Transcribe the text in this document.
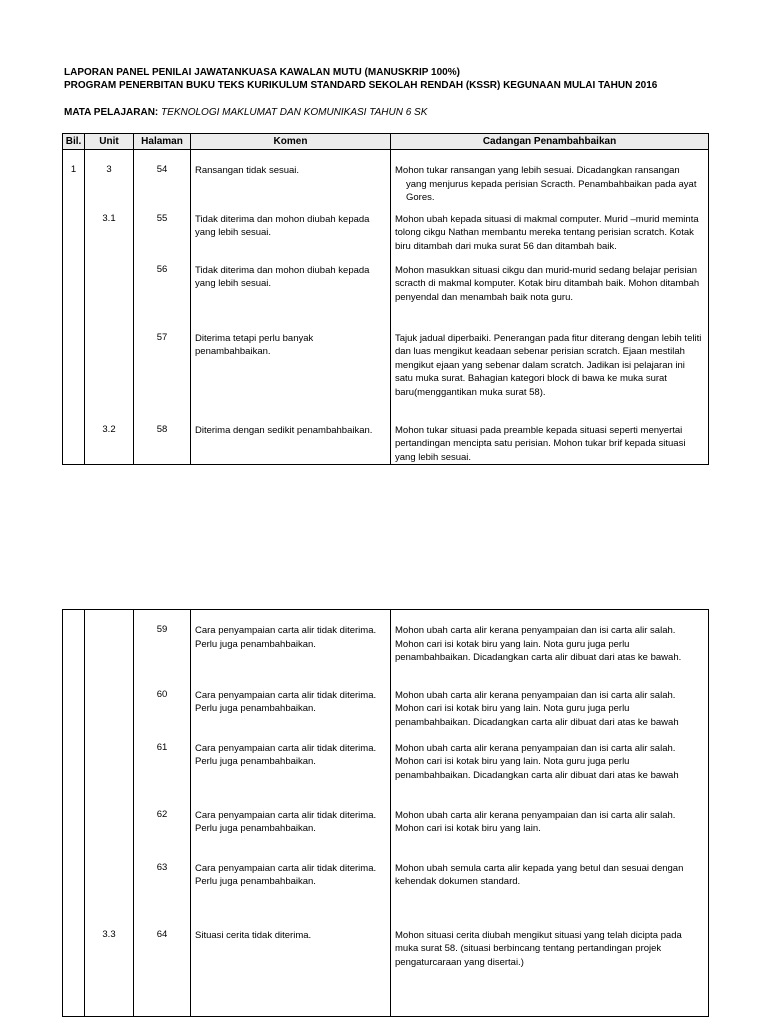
LAPORAN PANEL PENILAI JAWATANKUASA KAWALAN MUTU (MANUSKRIP 100%)
PROGRAM PENERBITAN BUKU TEKS KURIKULUM STANDARD SEKOLAH RENDAH (KSSR) KEGUNAAN MULAI TAHUN 2016
MATA PELAJARAN: TEKNOLOGI MAKLUMAT DAN KOMUNIKASI TAHUN 6 SK
Bil.	Unit	Halaman	Komen	Cadangan Penambahbaikan
1	3	54	Ransangan tidak sesuai.	Mohon tukar ransangan yang lebih sesuai. Dicadangkan ransangan
yang menjurus kepada perisian Scracth. Penambahbaikan pada ayat Gores.

	3.1	55	Tidak diterima dan mohon diubah kepada yang lebih sesuai.	Mohon ubah kepada situasi di makmal computer. Murid –murid meminta tolong cikgu Nathan membantu mereka tentang perisian scratch. Kotak biru ditambah dari muka surat 56 dan ditambah baik.
		56	Tidak diterima dan mohon diubah kepada yang lebih sesuai.	Mohon masukkan situasi cikgu dan murid-murid sedang belajar perisian scracth di makmal komputer. Kotak biru ditambah baik. Mohon ditambah penyendal dan menambah baik nota guru.
		57	Diterima tetapi perlu banyak penambahbaikan.	Tajuk jadual diperbaiki. Penerangan pada fitur diterang dengan lebih teliti dan luas mengikut keadaan sebenar perisian scratch. Ejaan mestilah mengikut ejaan yang sebenar dalam scratch. Jadikan isi pelajaran ini satu muka surat. Bahagian kategori block di bawa ke muka surat baru(menggantikan muka surat 58).
	3.2	58	Diterima dengan sedikit penambahbaikan.	Mohon tukar situasi pada preamble kepada situasi seperti menyertai pertandingan mencipta satu perisian. Mohon tukar brif kepada situasi yang lebih sesuai.
		59	Cara penyampaian carta alir tidak diterima. Perlu juga penambahbaikan.	Mohon ubah carta alir kerana penyampaian dan isi carta alir salah. Mohon cari isi kotak biru yang lain. Nota guru juga perlu penambahbaikan. Dicadangkan carta alir dibuat dari atas ke bawah.
		60	Cara penyampaian carta alir tidak diterima. Perlu juga penambahbaikan.	Mohon ubah carta alir kerana penyampaian dan isi carta alir salah. Mohon cari isi kotak biru yang lain. Nota guru juga perlu penambahbaikan. Dicadangkan carta alir dibuat dari atas ke bawah
		61	Cara penyampaian carta alir tidak diterima. Perlu juga penambahbaikan.	Mohon ubah carta alir kerana penyampaian dan isi carta alir salah. Mohon cari isi kotak biru yang lain. Nota guru juga perlu penambahbaikan. Dicadangkan carta alir dibuat dari atas ke bawah
		62	Cara penyampaian carta alir tidak diterima. Perlu juga penambahbaikan.	Mohon ubah carta alir kerana penyampaian dan isi carta alir salah. Mohon cari isi kotak biru yang lain.
		63	Cara penyampaian carta alir tidak diterima. Perlu juga penambahbaikan.	Mohon ubah semula carta alir kepada yang betul dan sesuai dengan kehendak dokumen standard.
	3.3	64	Situasi cerita tidak diterima.	Mohon situasi cerita diubah mengikut situasi yang telah dicipta pada muka surat 58. (situasi berbincang tentang pertandingan projek pengaturcaraan yang disertai.)
